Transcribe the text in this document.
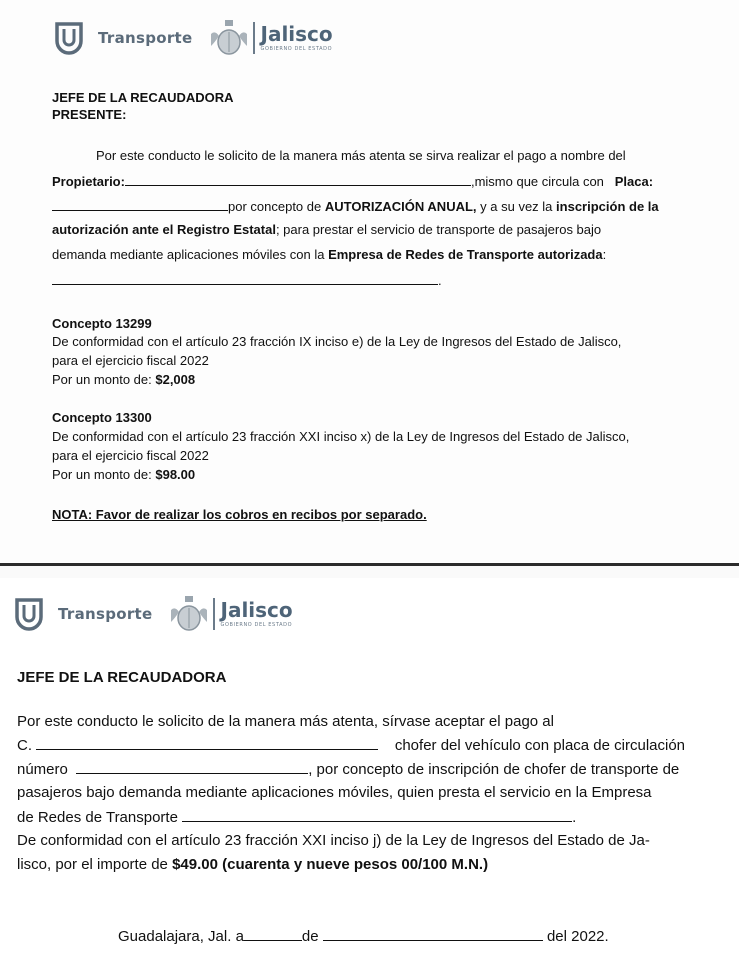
Transporte	Jalisco
GOBIERNO DEL ESTADO
JEFE DE LA RECAUDADORA
PRESENTE:
Por este conducto le solicito de la manera más atenta se sirva realizar el pago a nombre del
Propietario:	,mismo que circula con Placa:
por concepto de AUTORIZACIÓN ANUAL, y a su vez la inscripción de la
autorización ante el Registro Estatal; para prestar el servicio de transporte de pasajeros bajo
demanda mediante aplicaciones móviles con la Empresa de Redes de Transporte autorizada:
.
Concepto 13299
De conformidad con el artículo 23 fracción IX inciso e) de la Ley de Ingresos del Estado de Jalisco,
para el ejercicio fiscal 2022
Por un monto de: $2,008
Concepto 13300
De conformidad con el artículo 23 fracción XXI inciso x) de la Ley de Ingresos del Estado de Jalisco,
para el ejercicio fiscal 2022
Por un monto de: $98.00
NOTA: Favor de realizar los cobros en recibos por separado.
Transporte	Jalisco
GOBIERNO DEL ESTADO
JEFE DE LA RECAUDADORA
Por este conducto le solicito de la manera más atenta, sírvase aceptar el pago al
C.	chofer del vehículo con placa de circulación
número	, por concepto de inscripción de chofer de transporte de
pasajeros bajo demanda mediante aplicaciones móviles, quien presta el servicio en la Empresa
de Redes de Transporte	.
De conformidad con el artículo 23 fracción XXI inciso j) de la Ley de Ingresos del Estado de Ja-
lisco, por el importe de $49.00 (cuarenta y nueve pesos 00/100 M.N.)
Guadalajara, Jal. a	de	del 2022.
